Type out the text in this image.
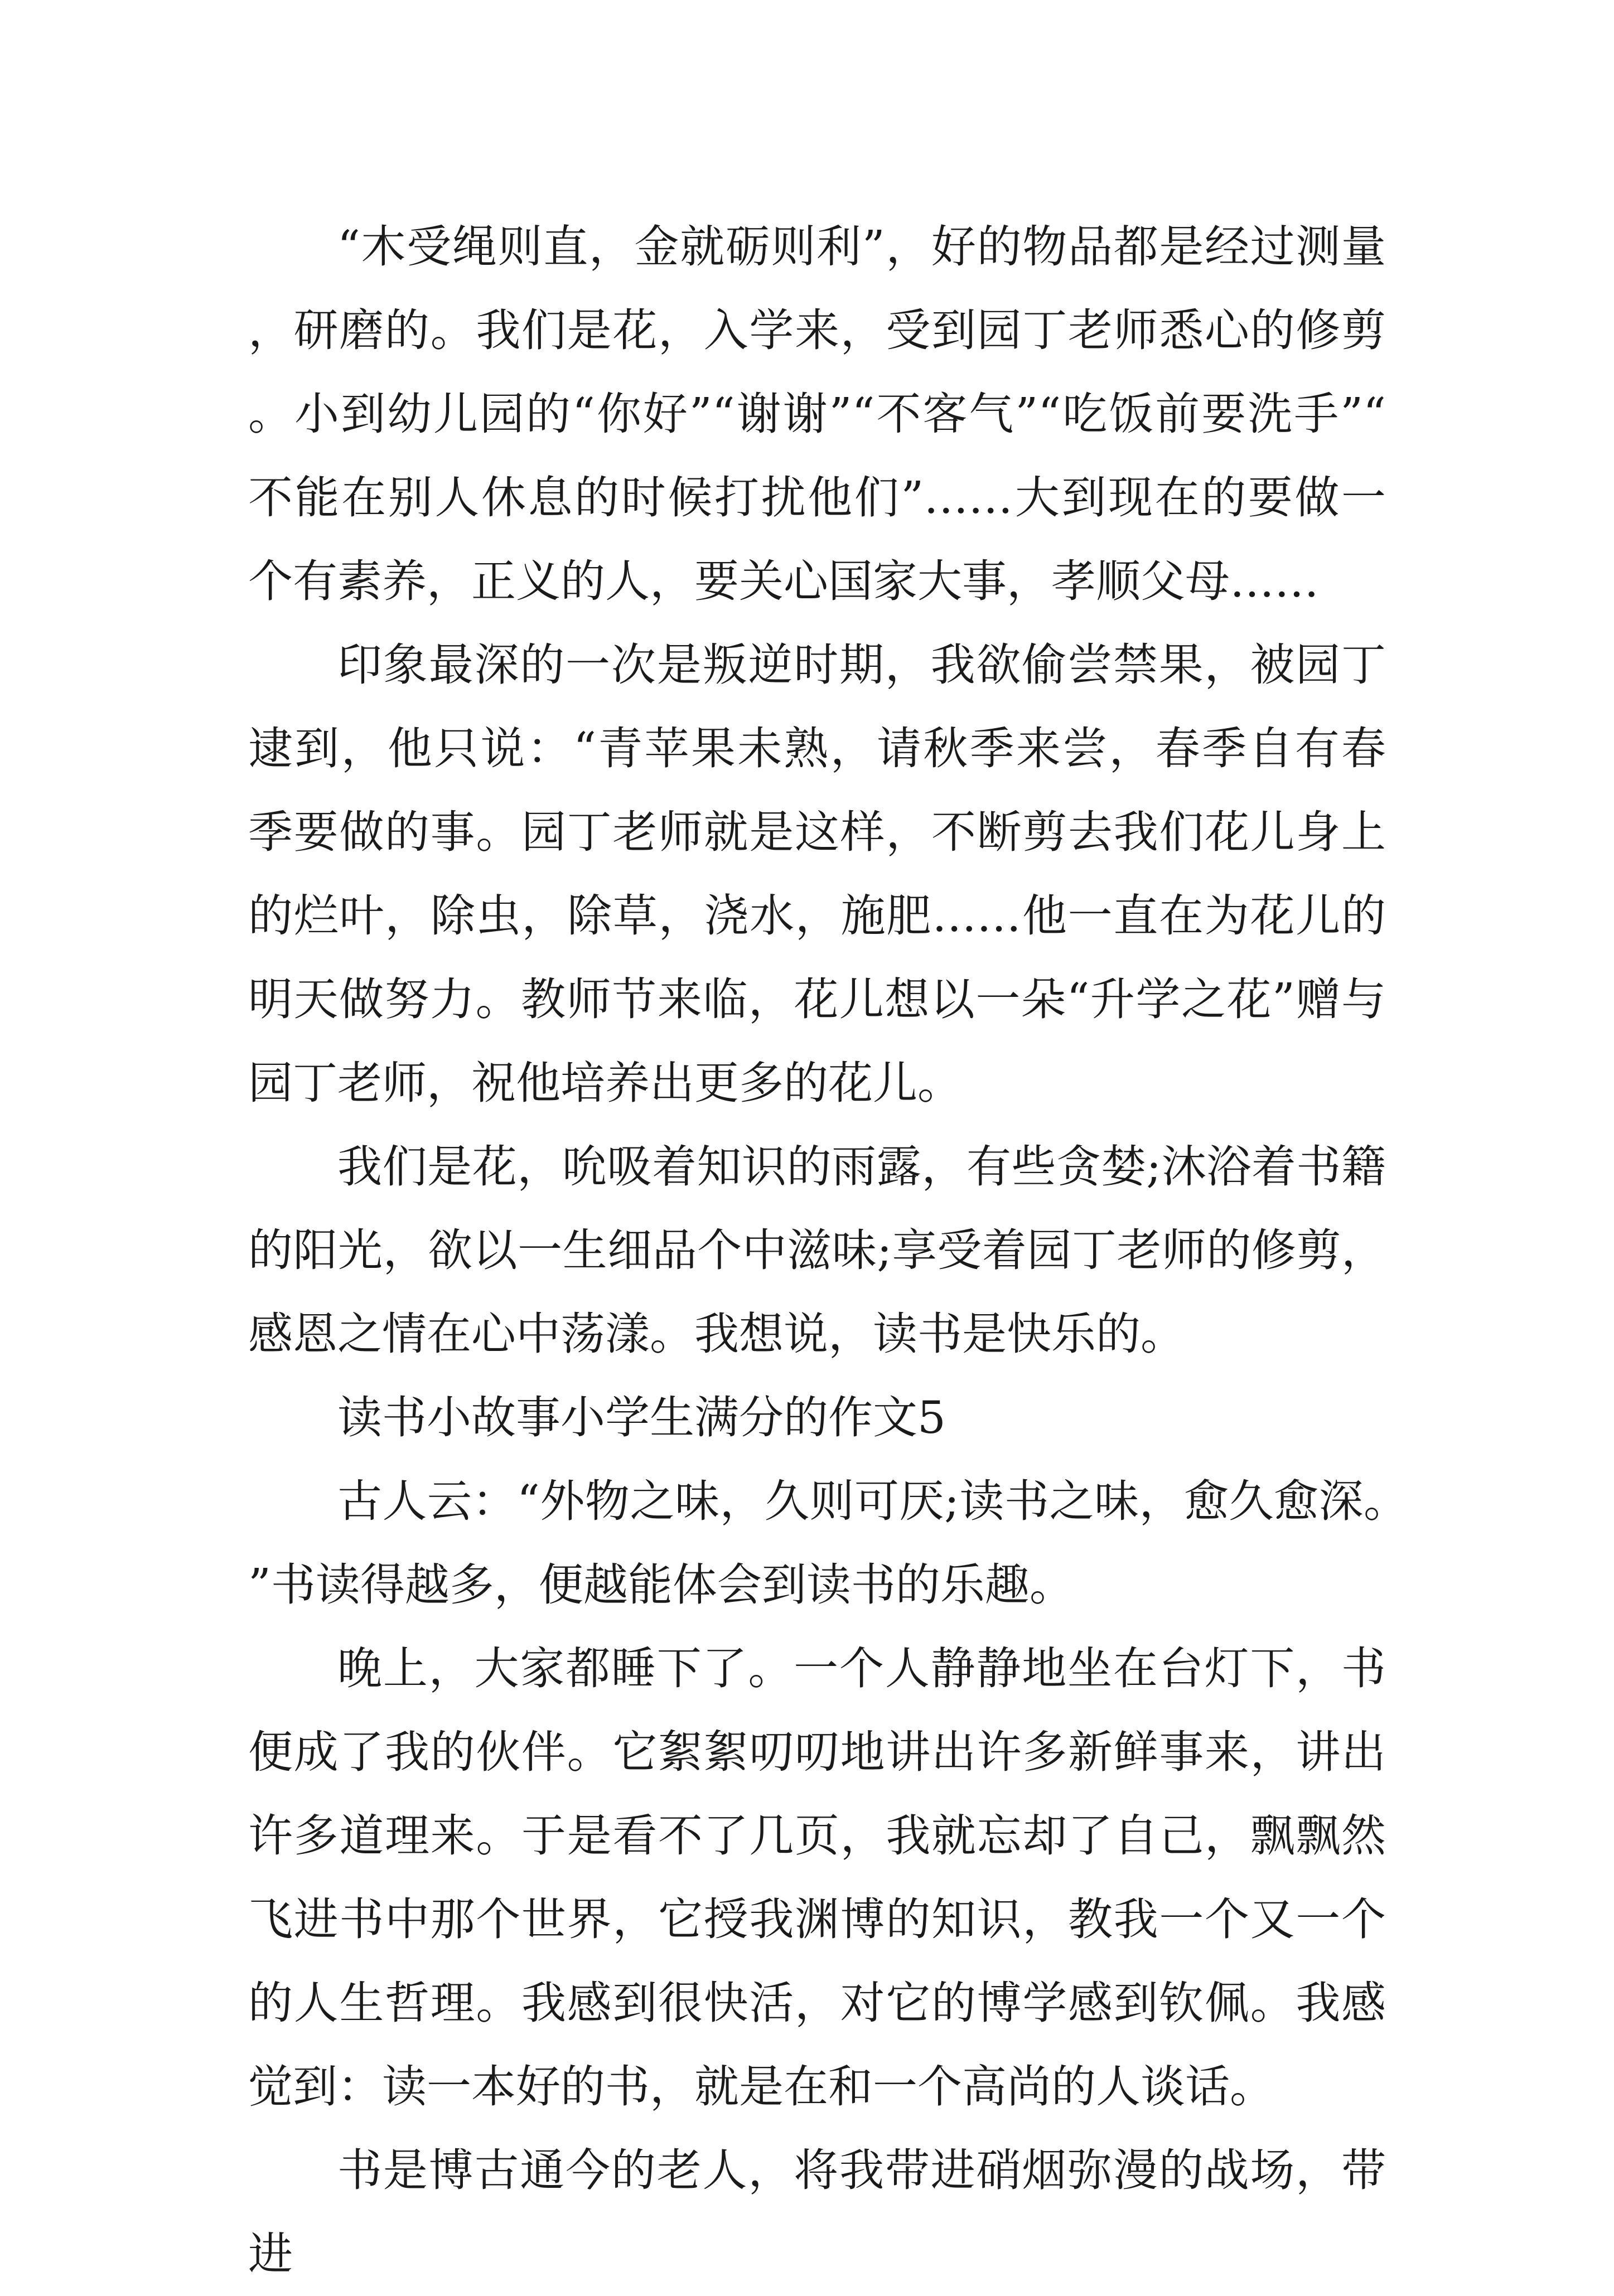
“木受绳则直，金就砺则利”，好的物品都是经过测量，研磨的。我们是花，入学来，受到园丁老师悉心的修剪。小到幼儿园的“你好”“谢谢”“不客气”“吃饭前要洗手”“不能在别人休息的时候打扰他们”……大到现在的要做一个有素养，正义的人，要关心国家大事，孝顺父母……

印象最深的一次是叛逆时期，我欲偷尝禁果，被园丁逮到，他只说：“青苹果未熟，请秋季来尝，春季自有春季要做的事。园丁老师就是这样，不断剪去我们花儿身上的烂叶，除虫，除草，浇水，施肥……他一直在为花儿的明天做努力。教师节来临，花儿想以一朵“升学之花”赠与园丁老师，祝他培养出更多的花儿。

我们是花，吮吸着知识的雨露，有些贪婪;沐浴着书籍的阳光，欲以一生细品个中滋味;享受着园丁老师的修剪，感恩之情在心中荡漾。我想说，读书是快乐的。

读书小故事小学生满分的作文5

古人云：“外物之味，久则可厌;读书之味，愈久愈深。”书读得越多，便越能体会到读书的乐趣。

晚上，大家都睡下了。一个人静静地坐在台灯下，书便成了我的伙伴。它絮絮叨叨地讲出许多新鲜事来，讲出许多道理来。于是看不了几页，我就忘却了自己，飘飘然飞进书中那个世界，它授我渊博的知识，教我一个又一个的人生哲理。我感到很快活，对它的博学感到钦佩。我感觉到：读一本好的书，就是在和一个高尚的人谈话。

书是博古通今的老人，将我带进硝烟弥漫的战场，带进
